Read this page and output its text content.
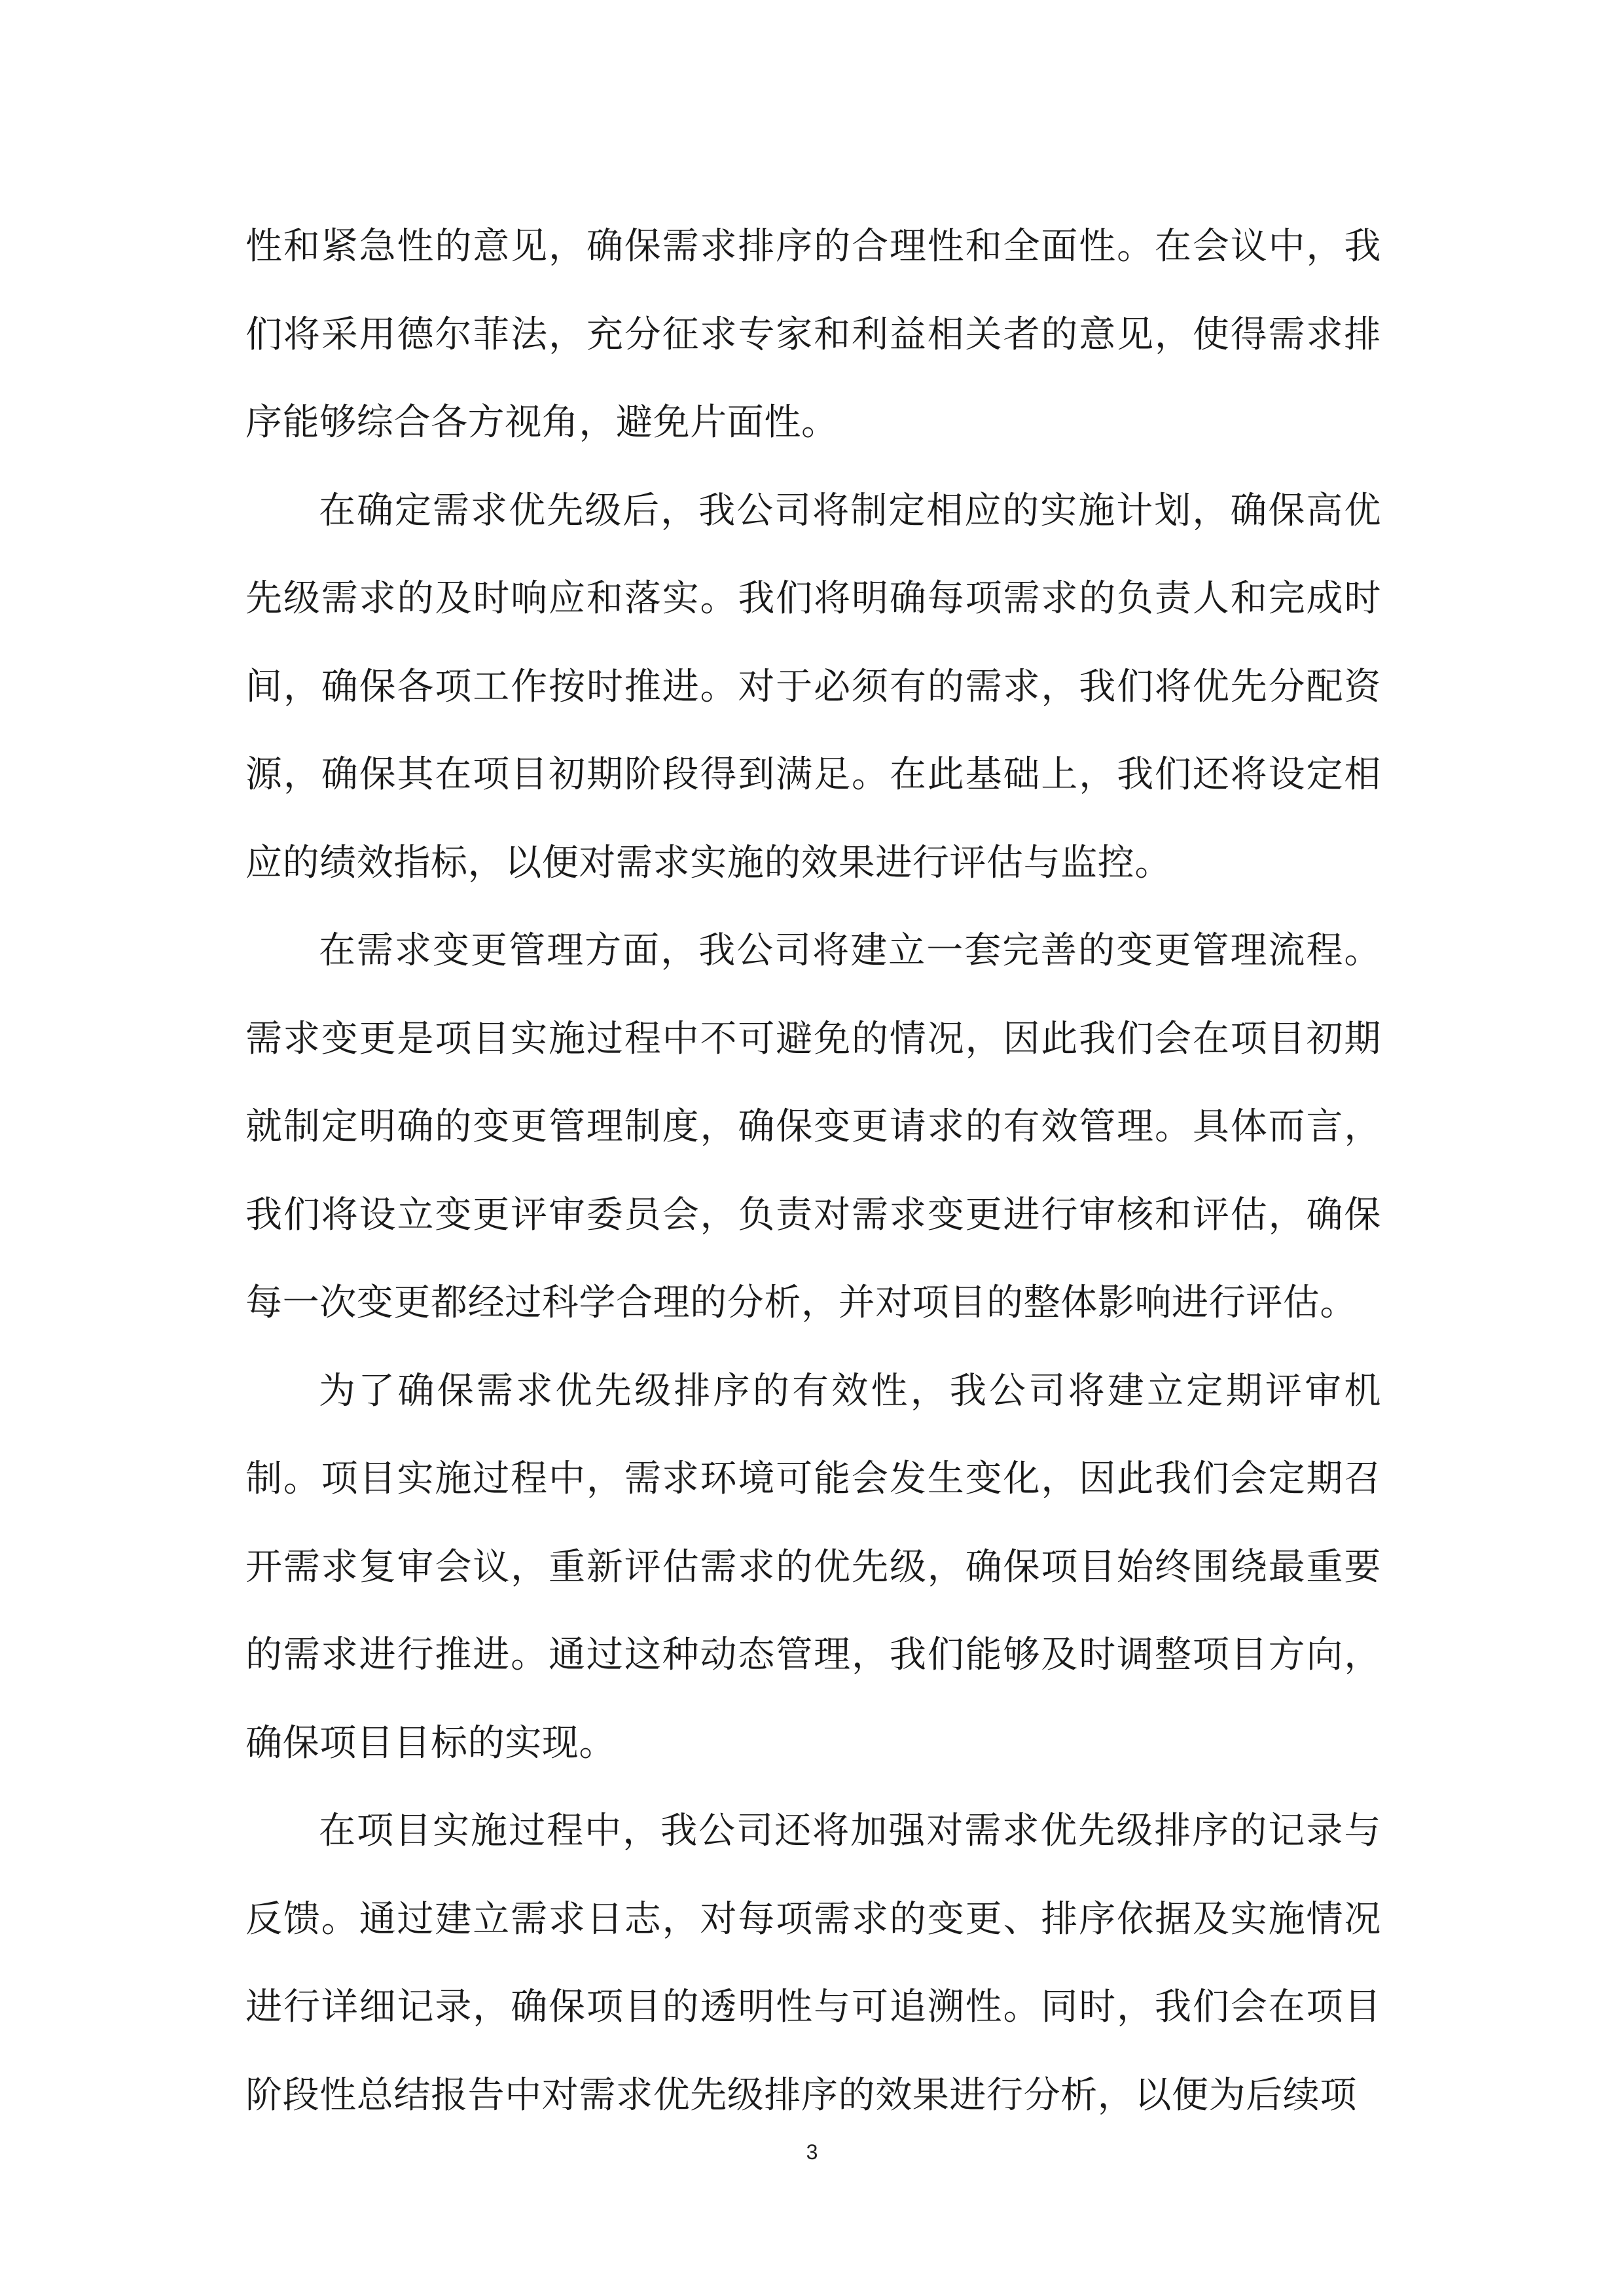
性和紧急性的意见，确保需求排序的合理性和全面性。在会议中，我们将采用德尔菲法，充分征求专家和利益相关者的意见，使得需求排序能够综合各方视角，避免片面性。

在确定需求优先级后，我公司将制定相应的实施计划，确保高优先级需求的及时响应和落实。我们将明确每项需求的负责人和完成时间，确保各项工作按时推进。对于必须有的需求，我们将优先分配资源，确保其在项目初期阶段得到满足。在此基础上，我们还将设定相应的绩效指标，以便对需求实施的效果进行评估与监控。

在需求变更管理方面，我公司将建立一套完善的变更管理流程。需求变更是项目实施过程中不可避免的情况，因此我们会在项目初期就制定明确的变更管理制度，确保变更请求的有效管理。具体而言，我们将设立变更评审委员会，负责对需求变更进行审核和评估，确保每一次变更都经过科学合理的分析，并对项目的整体影响进行评估。

为了确保需求优先级排序的有效性，我公司将建立定期评审机制。项目实施过程中，需求环境可能会发生变化，因此我们会定期召开需求复审会议，重新评估需求的优先级，确保项目始终围绕最重要的需求进行推进。通过这种动态管理，我们能够及时调整项目方向，确保项目目标的实现。

在项目实施过程中，我公司还将加强对需求优先级排序的记录与反馈。通过建立需求日志，对每项需求的变更、排序依据及实施情况进行详细记录，确保项目的透明性与可追溯性。同时，我们会在项目阶段性总结报告中对需求优先级排序的效果进行分析，以便为后续项

3
